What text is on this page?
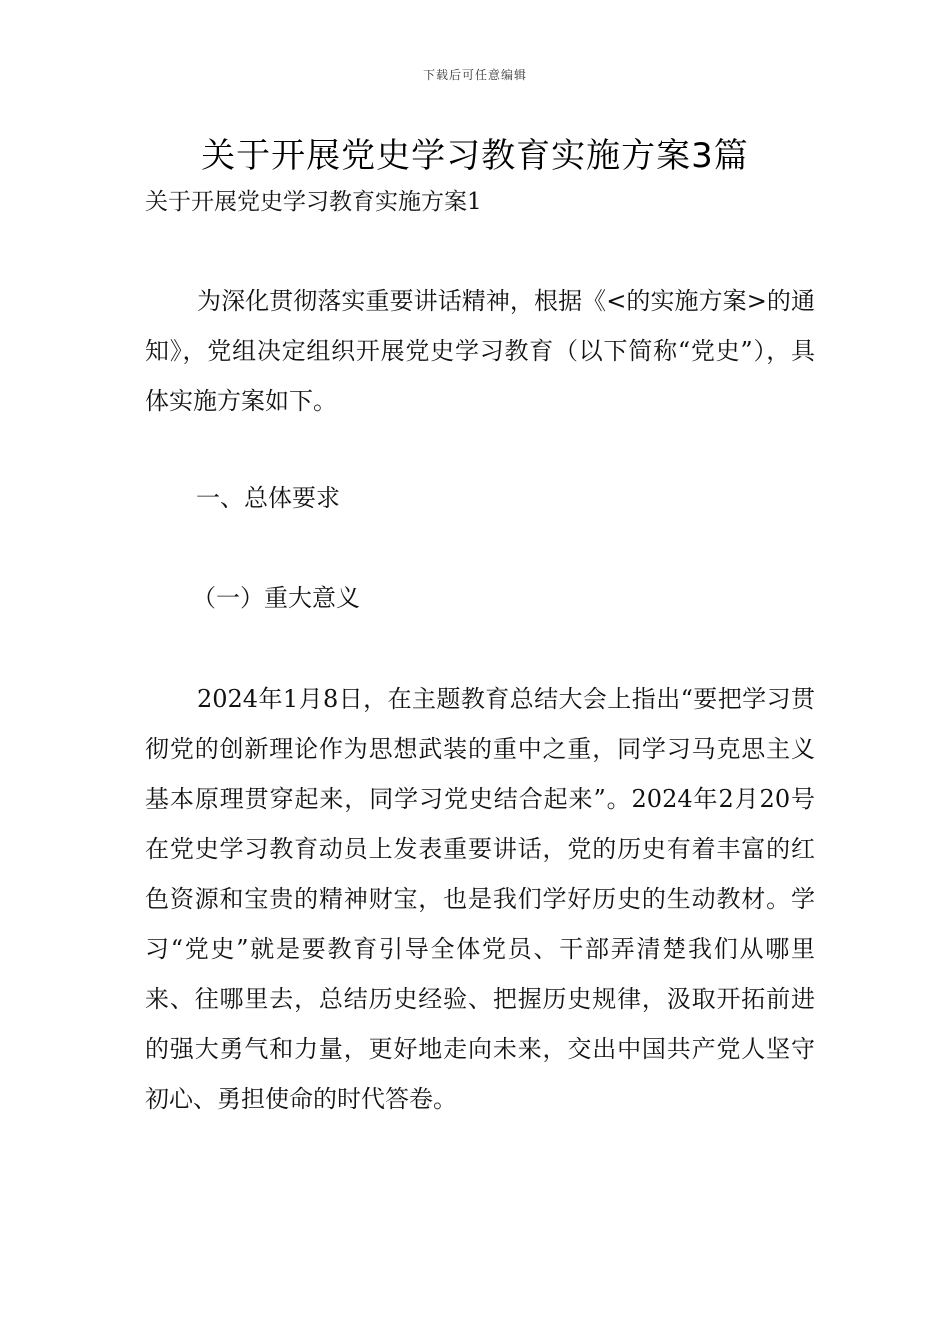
下载后可任意编辑
关于开展党史学习教育实施方案3篇
关于开展党史学习教育实施方案1

为深化贯彻落实重要讲话精神，根据《<的实施方案>的通知》，党组决定组织开展党史学习教育（以下简称“党史”），具体实施方案如下。

一、总体要求
（一）重大意义

2024年1月8日，在主题教育总结大会上指出“要把学习贯彻党的创新理论作为思想武装的重中之重，同学习马克思主义基本原理贯穿起来，同学习党史结合起来”。2024年2月20号在党史学习教育动员上发表重要讲话，党的历史有着丰富的红色资源和宝贵的精神财宝，也是我们学好历史的生动教材。学习“党史”就是要教育引导全体党员、干部弄清楚我们从哪里来、往哪里去，总结历史经验、把握历史规律，汲取开拓前进的强大勇气和力量，更好地走向未来，交出中国共产党人坚守初心、勇担使命的时代答卷。
